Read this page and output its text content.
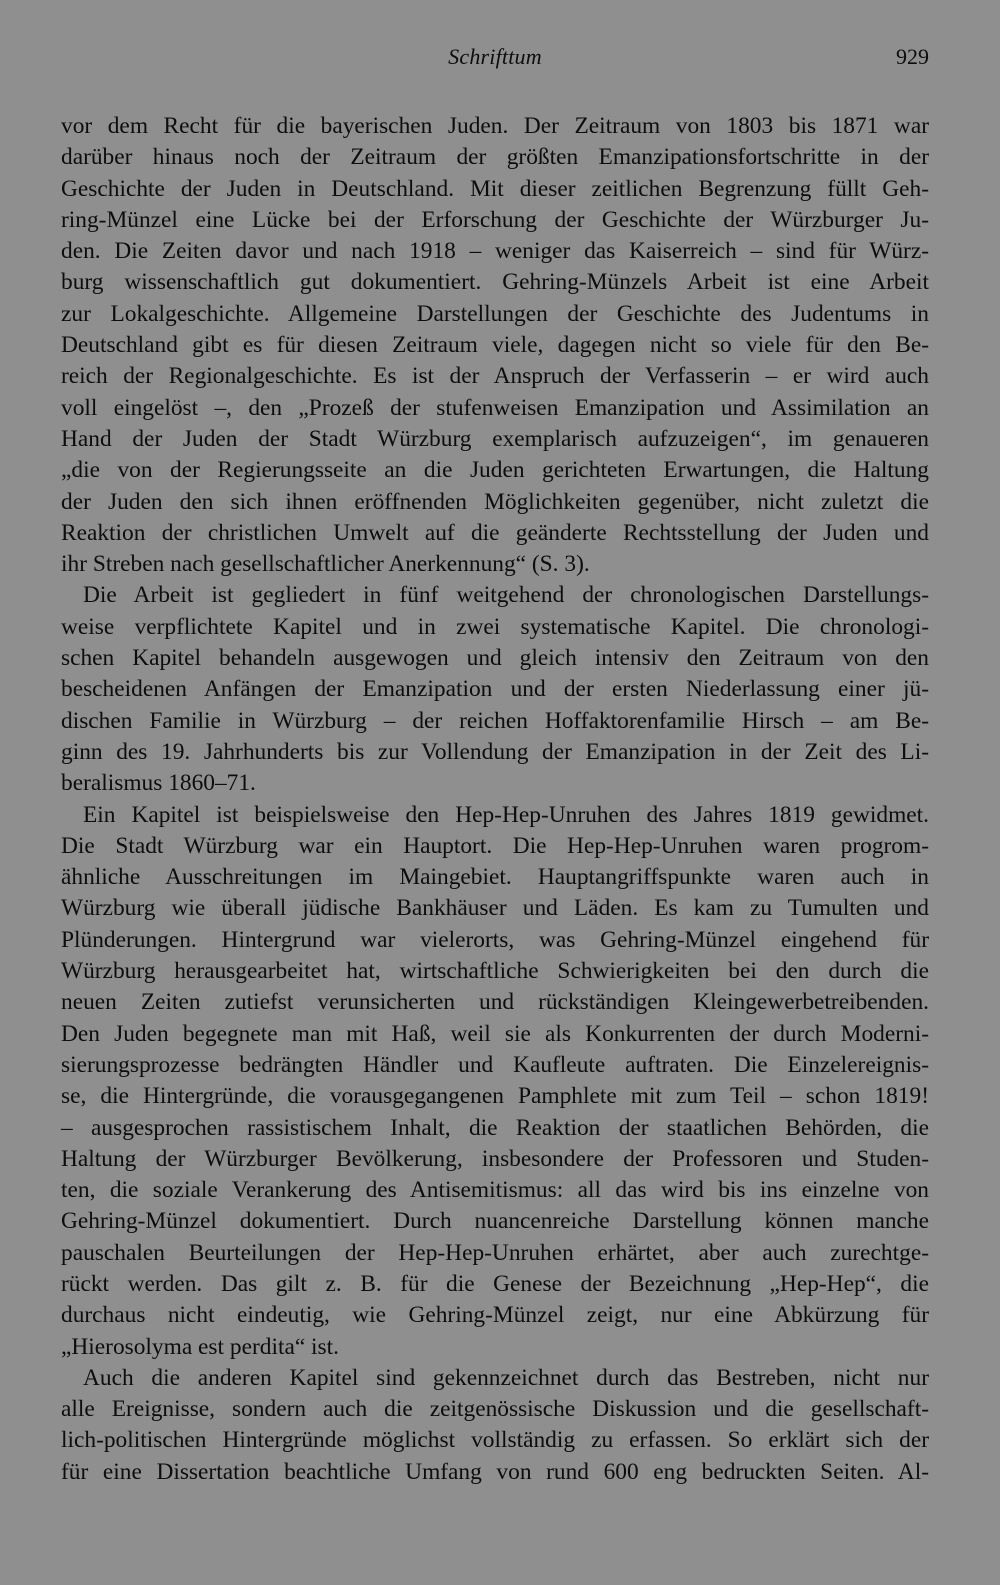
Schrifttum	929
vor dem Recht für die bayerischen Juden. Der Zeitraum von 1803 bis 1871 war
darüber hinaus noch der Zeitraum der größten Emanzipationsfortschritte in der
Geschichte der Juden in Deutschland. Mit dieser zeitlichen Begrenzung füllt Geh-
ring-Münzel eine Lücke bei der Erforschung der Geschichte der Würzburger Ju-
den. Die Zeiten davor und nach 1918 – weniger das Kaiserreich – sind für Würz-
burg wissenschaftlich gut dokumentiert. Gehring-Münzels Arbeit ist eine Arbeit
zur Lokalgeschichte. Allgemeine Darstellungen der Geschichte des Judentums in
Deutschland gibt es für diesen Zeitraum viele, dagegen nicht so viele für den Be-
reich der Regionalgeschichte. Es ist der Anspruch der Verfasserin – er wird auch
voll eingelöst –, den „Prozeß der stufenweisen Emanzipation und Assimilation an
Hand der Juden der Stadt Würzburg exemplarisch aufzuzeigen“, im genaueren
„die von der Regierungsseite an die Juden gerichteten Erwartungen, die Haltung
der Juden den sich ihnen eröffnenden Möglichkeiten gegenüber, nicht zuletzt die
Reaktion der christlichen Umwelt auf die geänderte Rechtsstellung der Juden und
ihr Streben nach gesellschaftlicher Anerkennung“ (S. 3).
Die Arbeit ist gegliedert in fünf weitgehend der chronologischen Darstellungs-
weise verpflichtete Kapitel und in zwei systematische Kapitel. Die chronologi-
schen Kapitel behandeln ausgewogen und gleich intensiv den Zeitraum von den
bescheidenen Anfängen der Emanzipation und der ersten Niederlassung einer jü-
dischen Familie in Würzburg – der reichen Hoffaktorenfamilie Hirsch – am Be-
ginn des 19. Jahrhunderts bis zur Vollendung der Emanzipation in der Zeit des Li-
beralismus 1860–71.
Ein Kapitel ist beispielsweise den Hep-Hep-Unruhen des Jahres 1819 gewidmet.
Die Stadt Würzburg war ein Hauptort. Die Hep-Hep-Unruhen waren progrom-
ähnliche Ausschreitungen im Maingebiet. Hauptangriffspunkte waren auch in
Würzburg wie überall jüdische Bankhäuser und Läden. Es kam zu Tumulten und
Plünderungen. Hintergrund war vielerorts, was Gehring-Münzel eingehend für
Würzburg herausgearbeitet hat, wirtschaftliche Schwierigkeiten bei den durch die
neuen Zeiten zutiefst verunsicherten und rückständigen Kleingewerbetreibenden.
Den Juden begegnete man mit Haß, weil sie als Konkurrenten der durch Moderni-
sierungsprozesse bedrängten Händler und Kaufleute auftraten. Die Einzelereignis-
se, die Hintergründe, die vorausgegangenen Pamphlete mit zum Teil – schon 1819!
– ausgesprochen rassistischem Inhalt, die Reaktion der staatlichen Behörden, die
Haltung der Würzburger Bevölkerung, insbesondere der Professoren und Studen-
ten, die soziale Verankerung des Antisemitismus: all das wird bis ins einzelne von
Gehring-Münzel dokumentiert. Durch nuancenreiche Darstellung können manche
pauschalen Beurteilungen der Hep-Hep-Unruhen erhärtet, aber auch zurechtge-
rückt werden. Das gilt z. B. für die Genese der Bezeichnung „Hep-Hep“, die
durchaus nicht eindeutig, wie Gehring-Münzel zeigt, nur eine Abkürzung für
„Hierosolyma est perdita“ ist.
Auch die anderen Kapitel sind gekennzeichnet durch das Bestreben, nicht nur
alle Ereignisse, sondern auch die zeitgenössische Diskussion und die gesellschaft-
lich-politischen Hintergründe möglichst vollständig zu erfassen. So erklärt sich der
für eine Dissertation beachtliche Umfang von rund 600 eng bedruckten Seiten. Al-
